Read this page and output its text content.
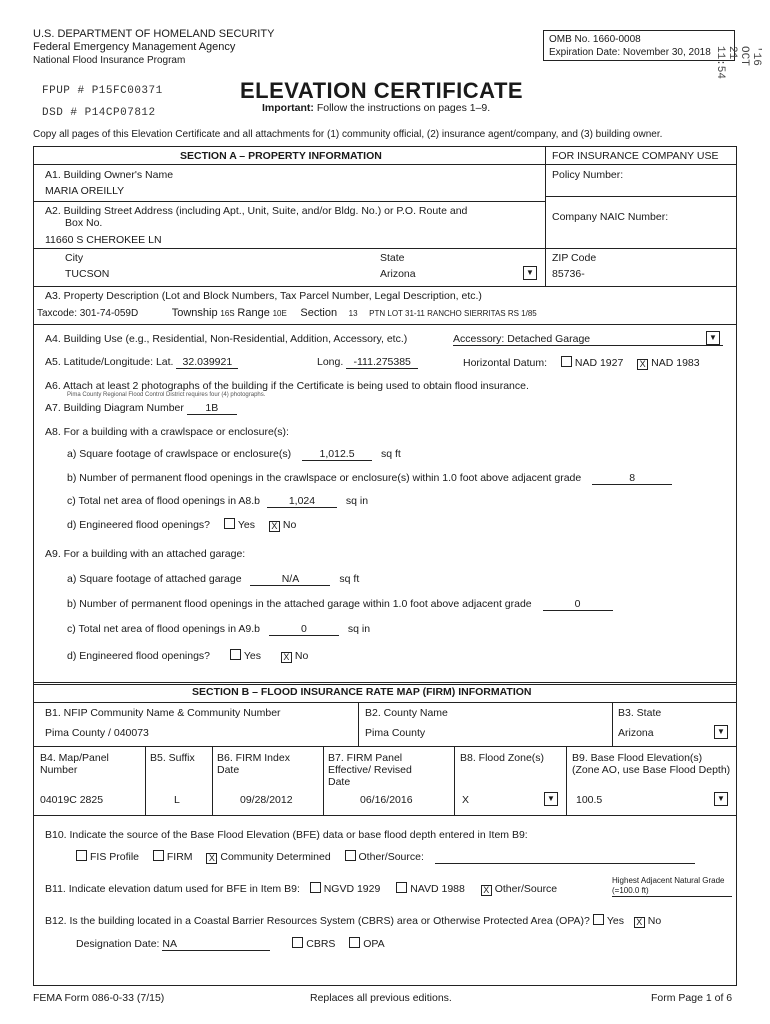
U.S. DEPARTMENT OF HOMELAND SECURITY
Federal Emergency Management Agency
National Flood Insurance Program
OMB No. 1660-0008
Expiration Date: November 30, 2018
FPUP # P15FC00371
DSD # P14CP07812
ELEVATION CERTIFICATE
Important: Follow the instructions on pages 1–9.
Copy all pages of this Elevation Certificate and all attachments for (1) community official, (2) insurance agent/company, and (3) building owner.
'16 OCT 21 11:54
SECTION A – PROPERTY INFORMATION	FOR INSURANCE COMPANY USE
A1. Building Owner's Name
MARIA OREILLY
Policy Number:
A2. Building Street Address (including Apt., Unit, Suite, and/or Bldg. No.) or P.O. Route and
Box No.
11660 S CHEROKEE LN
Company NAIC Number:
City
TUCSON
State
Arizona	▼
ZIP Code
85736-
A3. Property Description (Lot and Block Numbers, Tax Parcel Number, Legal Description, etc.)
Taxcode: 301-74-059D	Township 16S Range 10E Section 13 PTN LOT 31-11 RANCHO SIERRITAS RS 1/85
A4. Building Use (e.g., Residential, Non-Residential, Addition, Accessory, etc.)	Accessory: Detached Garage	▼
A5. Latitude/Longitude: Lat. 32.039921	Long. -111.275385	Horizontal Datum:	NAD 1927 X NAD 1983
A6. Attach at least 2 photographs of the building if the Certificate is being used to obtain flood insurance.
Pima County Regional Flood Control District requires four (4) photographs.
A7. Building Diagram Number 1B
A8. For a building with a crawlspace or enclosure(s):
a) Square footage of crawlspace or enclosure(s)	1,012.5	sq ft
b) Number of permanent flood openings in the crawlspace or enclosure(s) within 1.0 foot above adjacent grade	8
c) Total net area of flood openings in A8.b	1,024	sq in
d) Engineered flood openings?	Yes X No
A9. For a building with an attached garage:
a) Square footage of attached garage	N/A	sq ft
b) Number of permanent flood openings in the attached garage within 1.0 foot above adjacent grade	0
c) Total net area of flood openings in A9.b	0	sq in
d) Engineered flood openings?	Yes X No
SECTION B – FLOOD INSURANCE RATE MAP (FIRM) INFORMATION
B1. NFIP Community Name & Community Number
Pima County / 040073
B2. County Name
Pima County
B3. State
Arizona	▼
B4. Map/Panel Number
04019C 2825
B5. Suffix
L
B6. FIRM Index Date
09/28/2012
B7. FIRM Panel Effective/ Revised Date
06/16/2016
B8. Flood Zone(s)
X	▼
B9. Base Flood Elevation(s) (Zone AO, use Base Flood Depth)
100.5	▼
B10. Indicate the source of the Base Flood Elevation (BFE) data or base flood depth entered in Item B9:
FIS Profile	FIRM X Community Determined	Other/Source:
B11. Indicate elevation datum used for BFE in Item B9: NGVD 1929	NAVD 1988 X Other/Source
Highest Adjacent Natural Grade (=100.0 ft)
B12. Is the building located in a Coastal Barrier Resources System (CBRS) area or Otherwise Protected Area (OPA)? Yes X No
Designation Date: NA	CBRS	OPA
FEMA Form 086-0-33 (7/15)	Replaces all previous editions.	Form Page 1 of 6
